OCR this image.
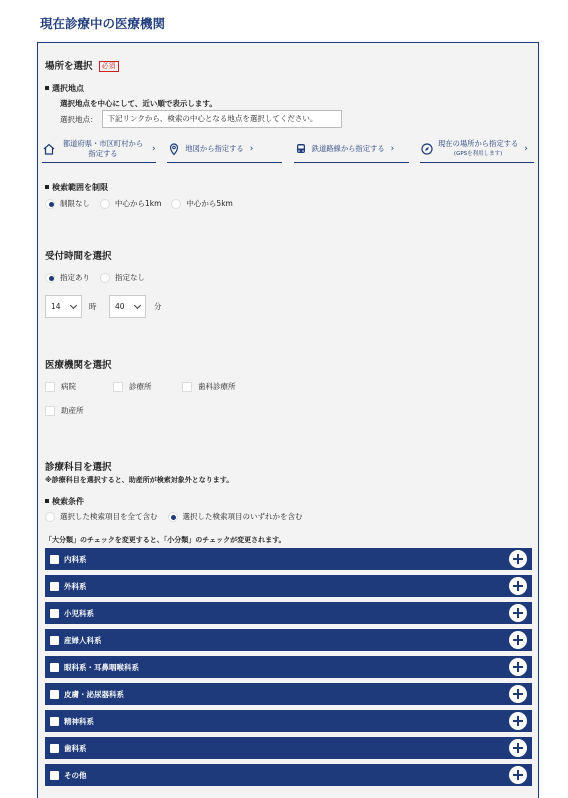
現在診療中の医療機関
場所を選択 必須
選択地点
選択地点を中心にして、近い順で表示します。
選択地点：	下記リンクから、検索の中心となる地点を選択してください。
都道府県・市区町村から指定する	›	地図から指定する ›	鉄道路線から指定する ›
現在の場所から指定する
(GPSを利用します)	›
検索範囲を制限
制限なし	中心から1km	中心から5km
受付時間を選択
指定あり	指定なし
14	時 40	分
医療機関を選択
病院	診療所	歯科診療所
助産所
診療科目を選択
※診療科目を選択すると、助産所が検索対象外となります。
検索条件
選択した検索項目を全て含む	選択した検索項目のいずれかを含む
「大分類」のチェックを変更すると、「小分類」のチェックが変更されます。
内科系
外科系
小児科系
産婦人科系
眼科系・耳鼻咽喉科系
皮膚・泌尿器科系
精神科系
歯科系
その他
